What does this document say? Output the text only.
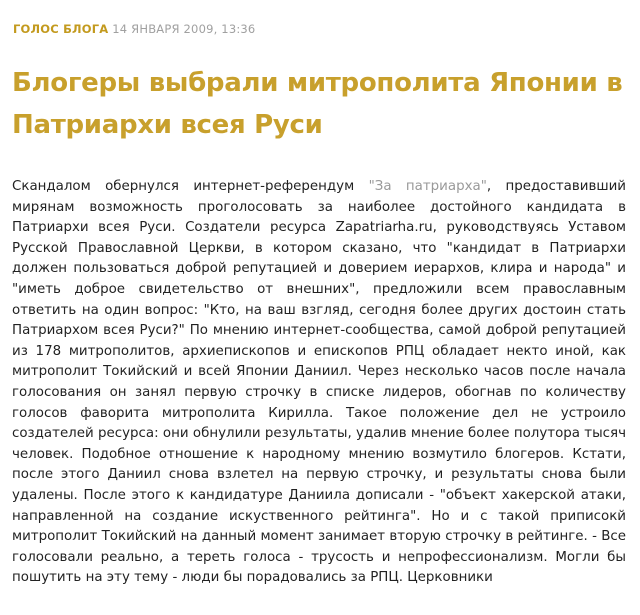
ГОЛОС БЛОГА 14 ЯНВАРЯ 2009, 13:36
Блогеры выбрали митрополита Японии в Патриархи всея Руси

Скандалом обернулся интернет-референдум "За патриарха", предоставивший мирянам возможность проголосовать за наиболее достойного кандидата в Патриархи всея Руси. Создатели ресурса Zapatriarha.ru, руководствуясь Уставом Русской Православной Церкви, в котором сказано, что "кандидат в Патриархи должен пользоваться доброй репутацией и доверием иерархов, клира и народа" и "иметь доброе свидетельство от внешних", предложили всем православным ответить на один вопрос: "Кто, на ваш взгляд, сегодня более других достоин стать Патриархом всея Руси?" По мнению интернет-сообщества, самой доброй репутацией из 178 митрополитов, архиепископов и епископов РПЦ обладает некто иной, как митрополит Токийский и всей Японии Даниил. Через несколько часов после начала голосования он занял первую строчку в списке лидеров, обогнав по количеству голосов фаворита митрополита Кирилла. Такое положение дел не устроило создателей ресурса: они обнулили результаты, удалив мнение более полутора тысяч человек. Подобное отношение к народному мнению возмутило блогеров. Кстати, после этого Даниил снова взлетел на первую строчку, и результаты снова были удалены. После этого к кандидатуре Даниила дописали - "объект хакерской атаки, направленной на создание искуственного рейтинга". Но и с такой приписокй митрополит Токийский на данный момент занимает вторую строчку в рейтинге. - Все голосовали реально, а тереть голоса - трусость и непрофессионализм. Могли бы пошутить на эту тему - люди бы порадовались за РПЦ. Церковники
